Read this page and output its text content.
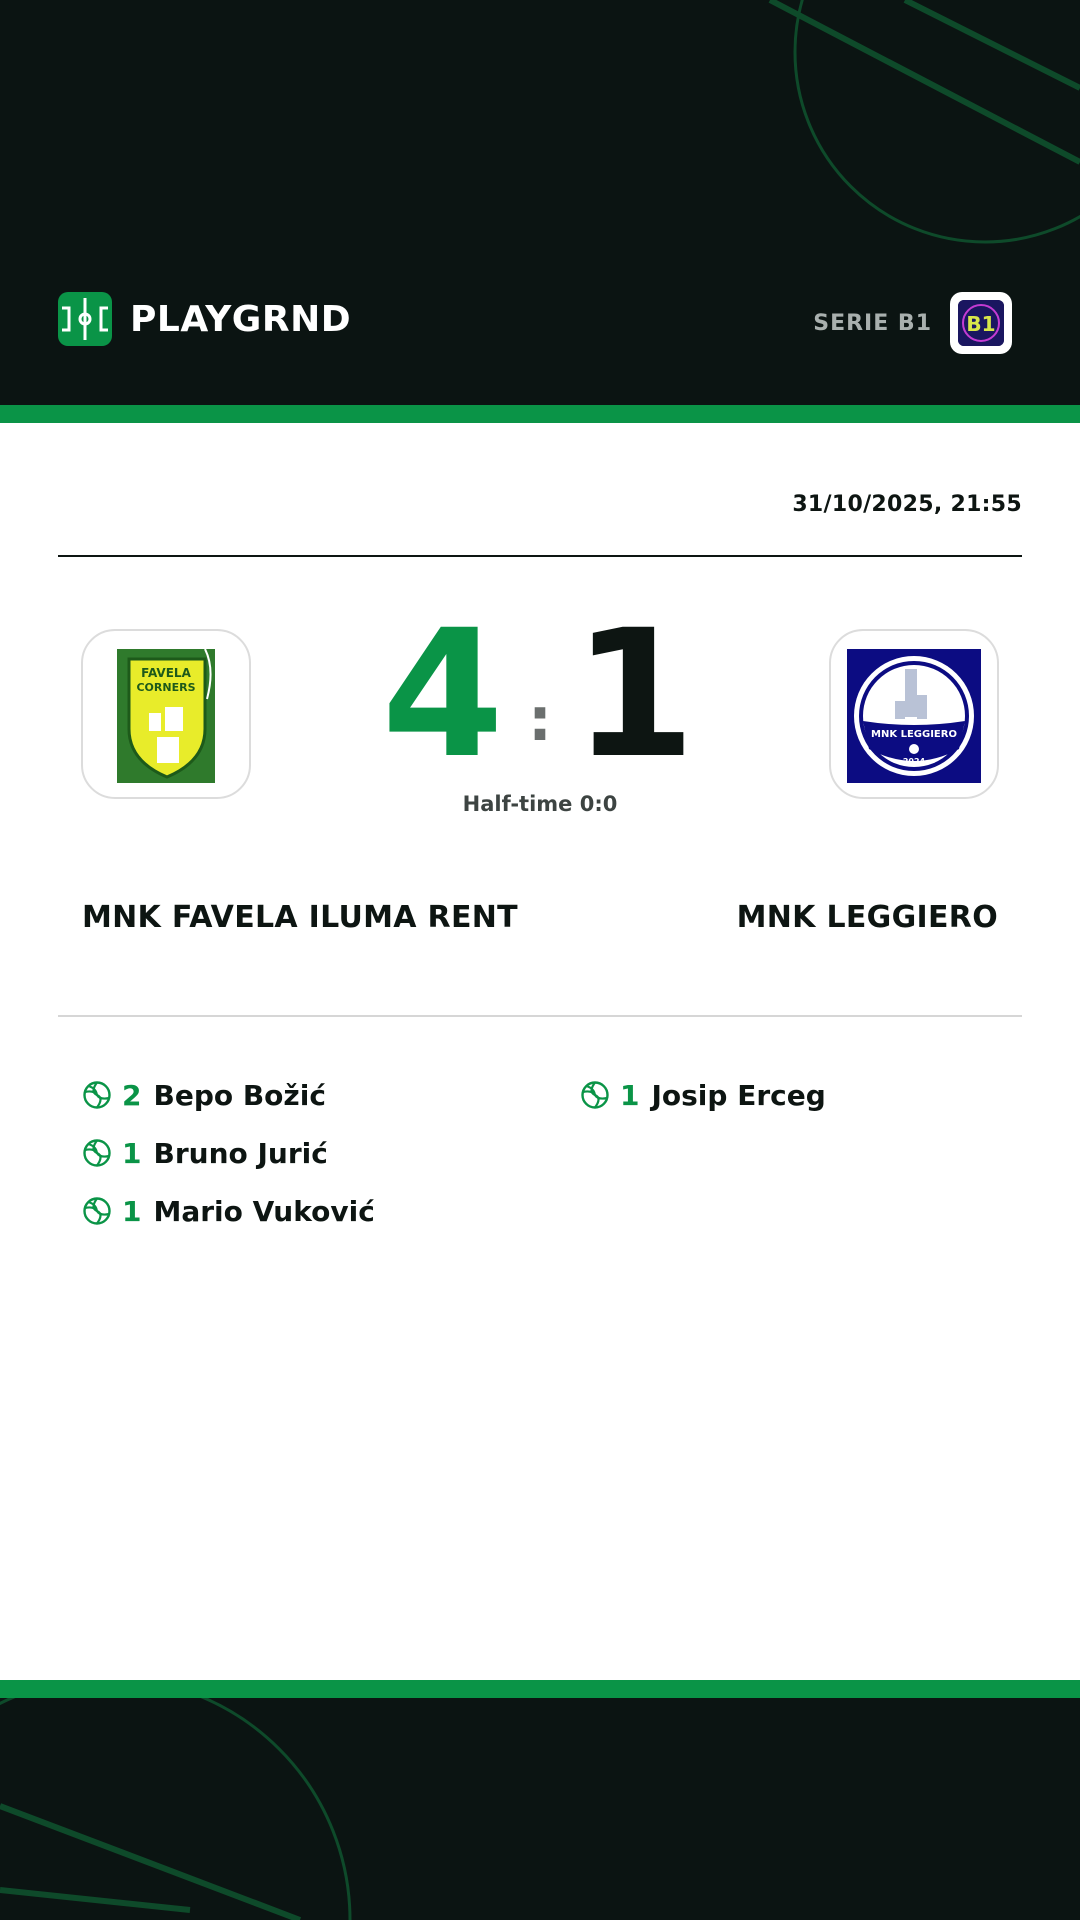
PLAYGRND	SERIE B1 B1
31/10/2025, 21:55
FAVELA
CORNERS
MNK LEGGIERO
2024
4 : 1
Half-time 0:0
MNK FAVELA ILUMA RENT	MNK LEGGIERO
2 Bepo Božić
1 Bruno Jurić
1 Mario Vuković
1 Josip Erceg
